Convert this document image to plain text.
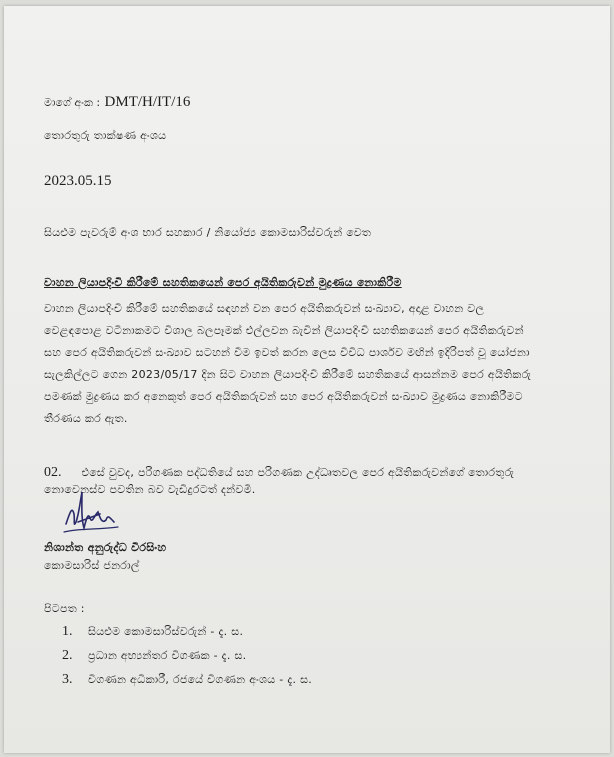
මාගේ අංක : DMT/H/IT/16
තොරතුරු තාක්ෂණ අංශය
2023.05.15
සියළුම පැවරුම් අංශ භාර සහකාර / නියෝජ්‍ය කොමසාරිස්වරුන් වෙත
වාහන ලියාපදිංචි කිරීමේ සහතිකයෙන් පෙර අයිතිකරුවන් මුද්‍රණය නොකිරීම
වාහන ලියාපදිංචි කිරීමේ සහතිකයේ සඳහන් වන පෙර අයිතිකරුවන් සංඛ්‍යාව, අදාළ වාහන වල
වෙළඳපොළ වටිනාකමට විශාල බලපෑමක් එල්ලවන බැවින් ලියාපදිංචි සහතිකයෙන් පෙර අයිතිකරුවන්
සහ පෙර අයිතිකරුවන් සංඛ්‍යාව සටහන් වීම ඉවත් කරන ලෙස විවිධ පාර්ශව මඟින් ඉදිරිපත් වූ යෝජනා
සැලකිල්ලට ගෙන 2023/05/17 දින සිට වාහන ලියාපදිංචි කිරීමේ සහතිකයේ ආසන්නම පෙර අයිතිකරු
පමණක් මුද්‍රණය කර අනෙකුත් පෙර අයිතිකරුවන් සහ පෙර අයිතිකරුවන් සංඛ්‍යාව මුද්‍රණය නොකිරීමට
තීරණය කර ඇත.
02. එසේ වුවද, පරිගණක පද්ධතියේ සහ පරිගණක උද්ධෘතවල පෙර අයිතිකරුවන්ගේ තොරතුරු
නොවෙනස්ව පවතින බව වැඩිදුරටත් දන්වමි.
නිශාන්ත අනුරුද්ධ වීරසිංහ
කොමසාරිස් ජනරාල්
පිටපත :
1. සියළුම කොමසාරිස්වරුන් - දැ. ස.
2. ප්‍රධාන අභ්‍යන්තර විගණක - දැ. ස.
3. විගණන අධිකාරී, රජයේ විගණන අංශය - දැ. ස.
